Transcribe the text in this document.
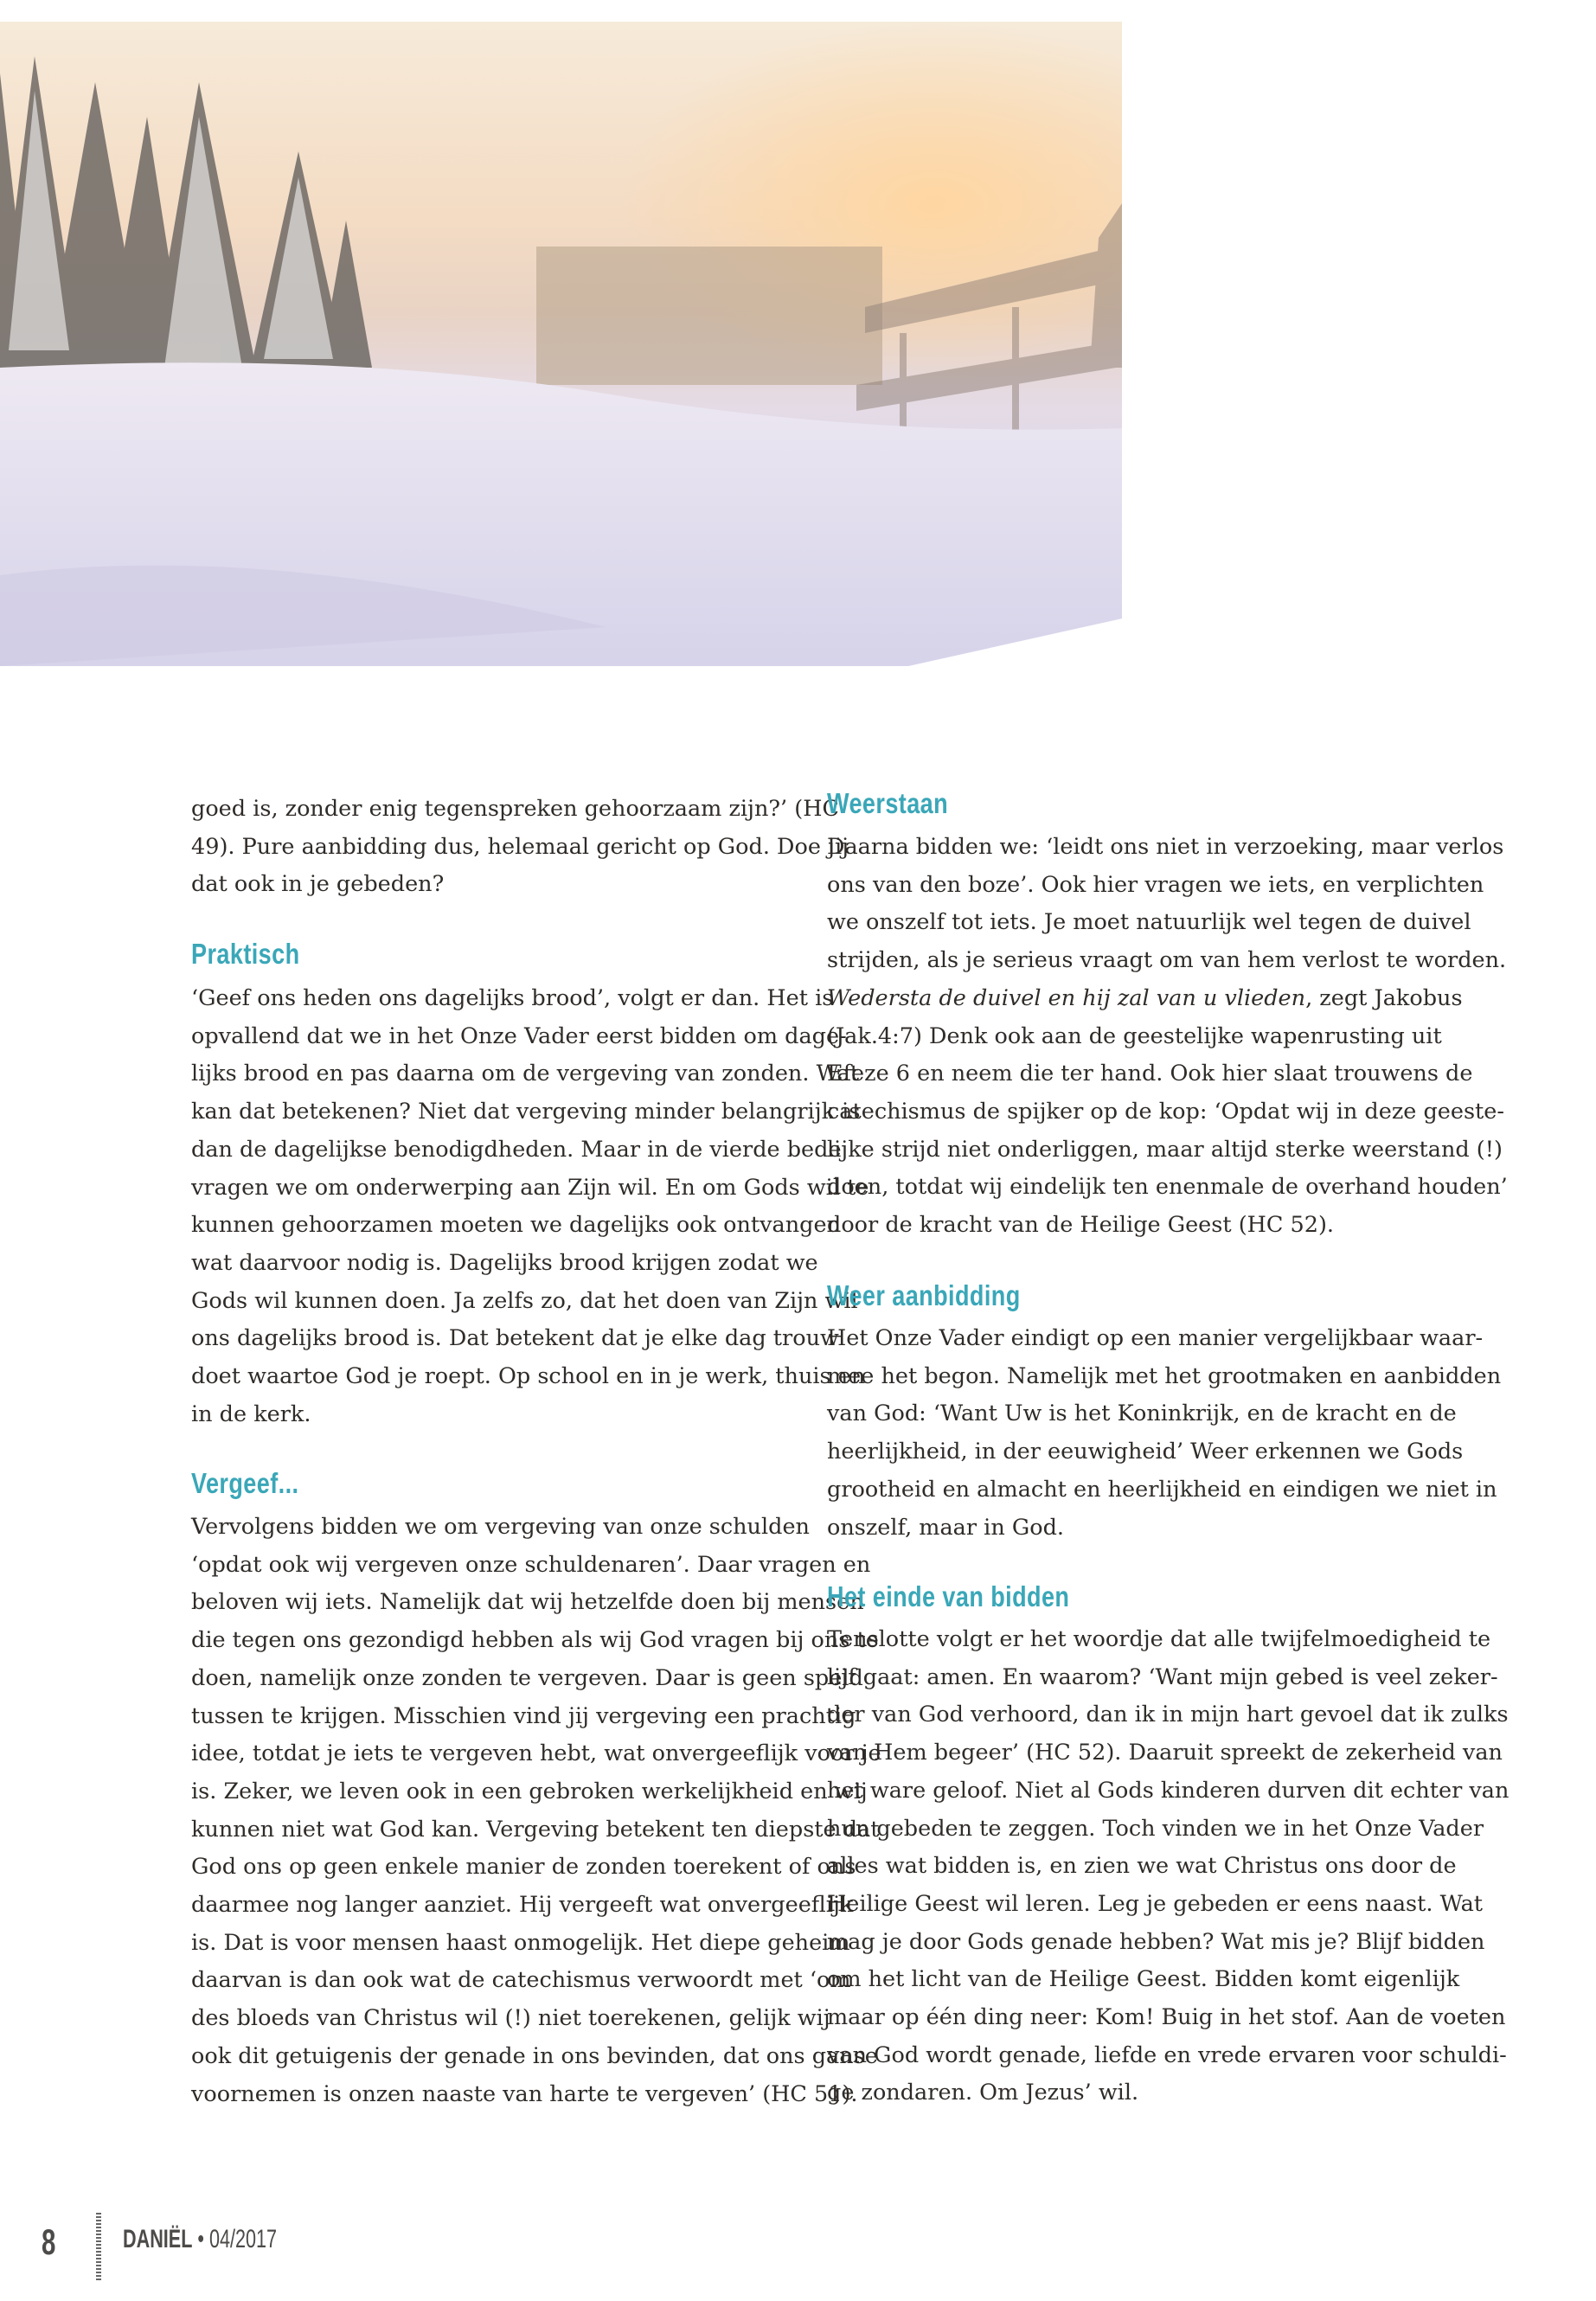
goed is, zonder enig tegenspreken gehoorzaam zijn?’ (HC
49). Pure aanbidding dus, helemaal gericht op God. Doe jij
dat ook in je gebeden?
Praktisch
‘Geef ons heden ons dagelijks brood’, volgt er dan. Het is
opvallend dat we in het Onze Vader eerst bidden om dage-
lijks brood en pas daarna om de vergeving van zonden. Wat
kan dat betekenen? Niet dat vergeving minder belangrijk is
dan de dagelijkse benodigdheden. Maar in de vierde bede
vragen we om onderwerping aan Zijn wil. En om Gods wil te
kunnen gehoorzamen moeten we dagelijks ook ontvangen
wat daarvoor nodig is. Dagelijks brood krijgen zodat we
Gods wil kunnen doen. Ja zelfs zo, dat het doen van Zijn wil
ons dagelijks brood is. Dat betekent dat je elke dag trouw
doet waartoe God je roept. Op school en in je werk, thuis en
in de kerk.
Vergeef...
Vervolgens bidden we om vergeving van onze schulden
‘opdat ook wij vergeven onze schuldenaren’. Daar vragen en
beloven wij iets. Namelijk dat wij hetzelfde doen bij mensen
die tegen ons gezondigd hebben als wij God vragen bij ons te
doen, namelijk onze zonden te vergeven. Daar is geen speld
tussen te krijgen. Misschien vind jij vergeving een prachtig
idee, totdat je iets te vergeven hebt, wat onvergeeflijk voor je
is. Zeker, we leven ook in een gebroken werkelijkheid en wij
kunnen niet wat God kan. Vergeving betekent ten diepste dat
God ons op geen enkele manier de zonden toerekent of ons
daarmee nog langer aanziet. Hij vergeeft wat onvergeeflijk
is. Dat is voor mensen haast onmogelijk. Het diepe geheim
daarvan is dan ook wat de catechismus verwoordt met ‘om
des bloeds van Christus wil (!) niet toerekenen, gelijk wij
ook dit getuigenis der genade in ons bevinden, dat ons ganse
voornemen is onzen naaste van harte te vergeven’ (HC 51).
Weerstaan
Daarna bidden we: ‘leidt ons niet in verzoeking, maar verlos
ons van den boze’. Ook hier vragen we iets, en verplichten
we onszelf tot iets. Je moet natuurlijk wel tegen de duivel
strijden, als je serieus vraagt om van hem verlost te worden.
Wedersta de duivel en hij zal van u vlieden, zegt Jakobus
(Jak.4:7) Denk ook aan de geestelijke wapenrusting uit
Efeze 6 en neem die ter hand. Ook hier slaat trouwens de
catechismus de spijker op de kop: ‘Opdat wij in deze geeste-
lijke strijd niet onderliggen, maar altijd sterke weerstand (!)
doen, totdat wij eindelijk ten enenmale de overhand houden’
door de kracht van de Heilige Geest (HC 52).
Weer aanbidding
Het Onze Vader eindigt op een manier vergelijkbaar waar-
mee het begon. Namelijk met het grootmaken en aanbidden
van God: ‘Want Uw is het Koninkrijk, en de kracht en de
heerlijkheid, in der eeuwigheid’ Weer erkennen we Gods
grootheid en almacht en heerlijkheid en eindigen we niet in
onszelf, maar in God.
Het einde van bidden
Tenslotte volgt er het woordje dat alle twijfelmoedigheid te
lijf gaat: amen. En waarom? ‘Want mijn gebed is veel zeker-
der van God verhoord, dan ik in mijn hart gevoel dat ik zulks
van Hem begeer’ (HC 52). Daaruit spreekt de zekerheid van
het ware geloof. Niet al Gods kinderen durven dit echter van
hun gebeden te zeggen. Toch vinden we in het Onze Vader
alles wat bidden is, en zien we wat Christus ons door de
Heilige Geest wil leren. Leg je gebeden er eens naast. Wat
mag je door Gods genade hebben? Wat mis je? Blijf bidden
om het licht van de Heilige Geest. Bidden komt eigenlijk
maar op één ding neer: Kom! Buig in het stof. Aan de voeten
van God wordt genade, liefde en vrede ervaren voor schuldi-
ge zondaren. Om Jezus’ wil.
8	DANIËL • 04/2017
